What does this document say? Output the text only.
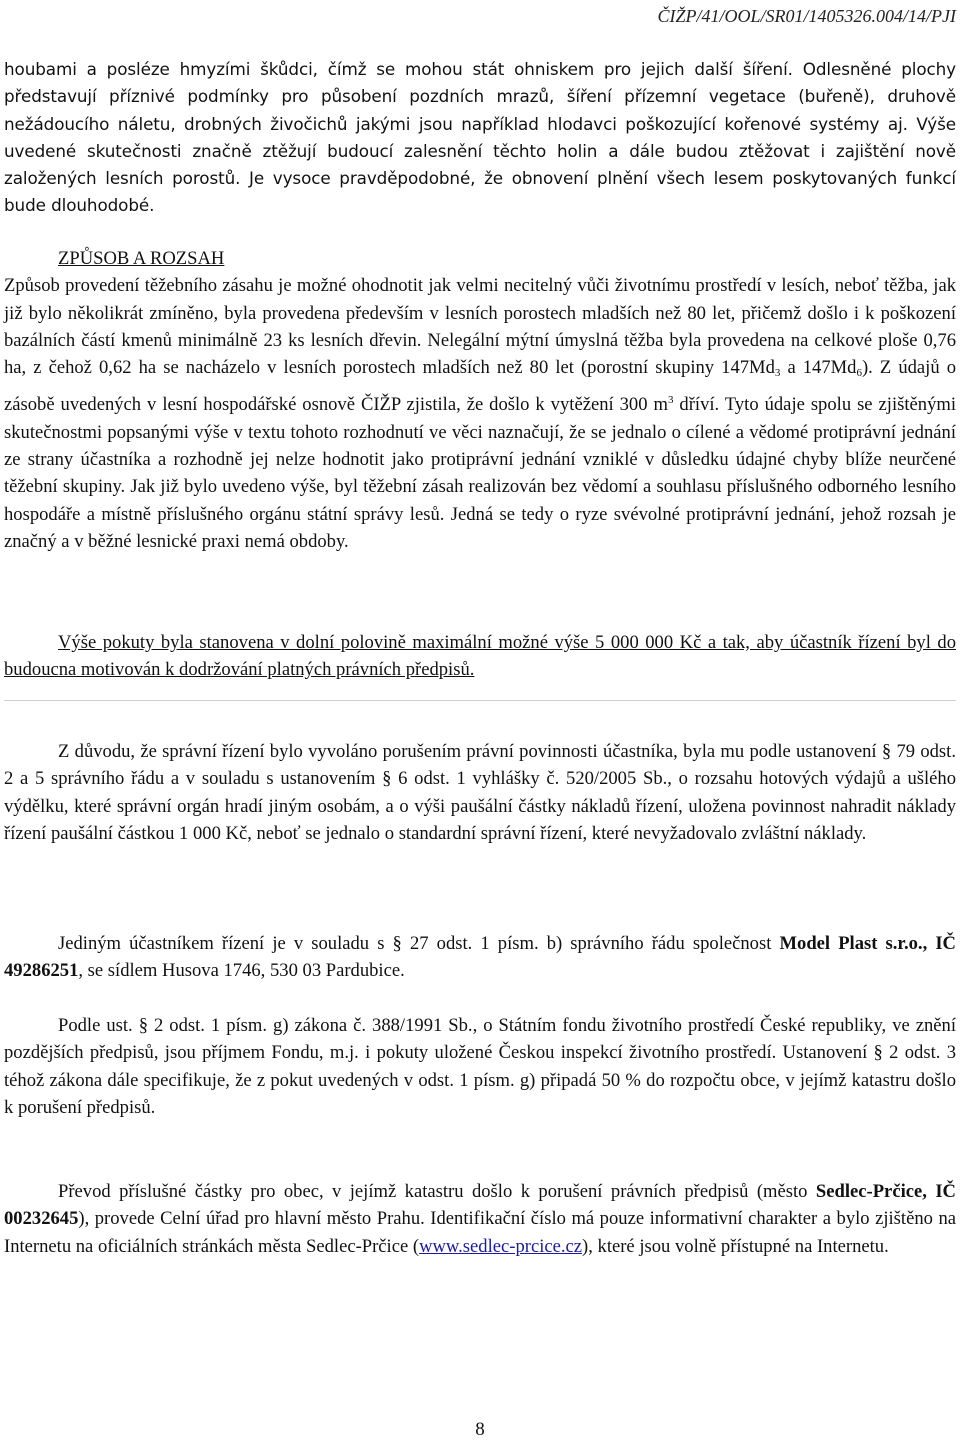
ČIŽP/41/OOL/SR01/1405326.004/14/PJI

houbami a posléze hmyzími škůdci, čímž se mohou stát ohniskem pro jejich další šíření. Odlesněné plochy představují příznivé podmínky pro působení pozdních mrazů, šíření přízemní vegetace (buřeně), druhově nežádoucího náletu, drobných živočichů jakými jsou například hlodavci poškozující kořenové systémy aj. Výše uvedené skutečnosti značně ztěžují budoucí zalesnění těchto holin a dále budou ztěžovat i zajištění nově založených lesních porostů. Je vysoce pravděpodobné, že obnovení plnění všech lesem poskytovaných funkcí bude dlouhodobé.

ZPŮSOB A ROZSAH
Způsob provedení těžebního zásahu je možné ohodnotit jak velmi necitelný vůči životnímu prostředí v lesích, neboť těžba, jak již bylo několikrát zmíněno, byla provedena především v lesních porostech mladších než 80 let, přičemž došlo i k poškození bazálních částí kmenů minimálně 23 ks lesních dřevin. Nelegální mýtní úmyslná těžba byla provedena na celkové ploše 0,76 ha, z čehož 0,62 ha se nacházelo v lesních porostech mladších než 80 let (porostní skupiny $147Md_3$ a $147Md_6$). Z údajů o zásobě uvedených v lesní hospodářské osnově ČIŽP zjistila, že došlo k vytěžení 300 $m^3$ dříví. Tyto údaje spolu se zjištěnými skutečnostmi popsanými výše v textu tohoto rozhodnutí ve věci naznačují, že se jednalo o cílené a vědomé protiprávní jednání ze strany účastníka a rozhodně jej nelze hodnotit jako protiprávní jednání vzniklé v důsledku údajné chyby blíže neurčené těžební skupiny. Jak již bylo uvedeno výše, byl těžební zásah realizován bez vědomí a souhlasu příslušného odborného lesního hospodáře a místně příslušného orgánu státní správy lesů. Jedná se tedy o ryze svévolné protiprávní jednání, jehož rozsah je značný a v běžné lesnické praxi nemá obdoby.

Výše pokuty byla stanovena v dolní polovině maximální možné výše 5 000 000 Kč a tak, aby účastník řízení byl do budoucna motivován k dodržování platných právních předpisů.

Z důvodu, že správní řízení bylo vyvoláno porušením právní povinnosti účastníka, byla mu podle ustanovení § 79 odst. 2 a 5 správního řádu a v souladu s ustanovením § 6 odst. 1 vyhlášky č. 520/2005 Sb., o rozsahu hotových výdajů a ušlého výdělku, které správní orgán hradí jiným osobám, a o výši paušální částky nákladů řízení, uložena povinnost nahradit náklady řízení paušální částkou 1 000 Kč, neboť se jednalo o standardní správní řízení, které nevyžadovalo zvláštní náklady.

Jediným účastníkem řízení je v souladu s § 27 odst. 1 písm. b) správního řádu společnost Model Plast s.r.o., IČ 49286251, se sídlem Husova 1746, 530 03 Pardubice.

Podle ust. § 2 odst. 1 písm. g) zákona č. 388/1991 Sb., o Státním fondu životního prostředí České republiky, ve znění pozdějších předpisů, jsou příjmem Fondu, m.j. i pokuty uložené Českou inspekcí životního prostředí. Ustanovení § 2 odst. 3 téhož zákona dále specifikuje, že z pokut uvedených v odst. 1 písm. g) připadá 50 % do rozpočtu obce, v jejímž katastru došlo k porušení předpisů.

Převod příslušné částky pro obec, v jejímž katastru došlo k porušení právních předpisů (město Sedlec-Prčice, IČ 00232645), provede Celní úřad pro hlavní město Prahu. Identifikační číslo má pouze informativní charakter a bylo zjištěno na Internetu na oficiálních stránkách města Sedlec-Prčice (www.sedlec-prcice.cz), které jsou volně přístupné na Internetu.

8
